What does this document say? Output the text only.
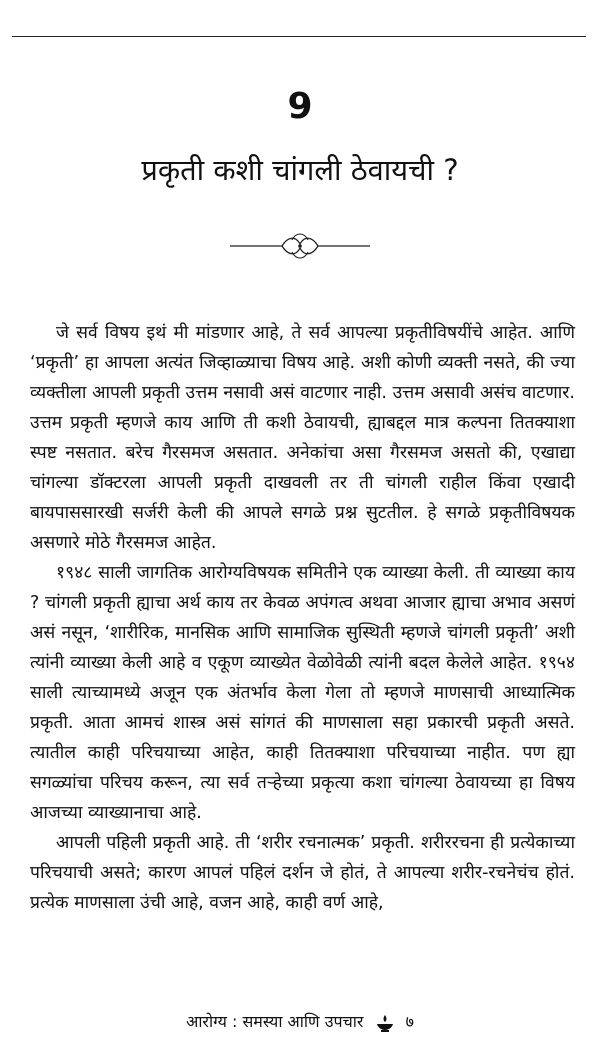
9
प्रकृती कशी चांगली ठेवायची ?

जे सर्व विषय इथं मी मांडणार आहे, ते सर्व आपल्या प्रकृतीविषयींचे आहेत. आणि ‘प्रकृती’ हा आपला अत्यंत जिव्हाळ्याचा विषय आहे. अशी कोणी व्यक्ती नसते, की ज्या व्यक्तीला आपली प्रकृती उत्तम नसावी असं वाटणार नाही. उत्तम असावी असंच वाटणार. उत्तम प्रकृती म्हणजे काय आणि ती कशी ठेवायची, ह्याबद्दल मात्र कल्पना तितक्याशा स्पष्ट नसतात. बरेच गैरसमज असतात. अनेकांचा असा गैरसमज असतो की, एखाद्या चांगल्या डॉक्टरला आपली प्रकृती दाखवली तर ती चांगली राहील किंवा एखादी बायपाससारखी सर्जरी केली की आपले सगळे प्रश्न सुटतील. हे सगळे प्रकृतीविषयक असणारे मोठे गैरसमज आहेत.

१९४८ साली जागतिक आरोग्यविषयक समितीने एक व्याख्या केली. ती व्याख्या काय ? चांगली प्रकृती ह्याचा अर्थ काय तर केवळ अपंगत्व अथवा आजार ह्याचा अभाव असणं असं नसून, ‘शारीरिक, मानसिक आणि सामाजिक सुस्थिती म्हणजे चांगली प्रकृती’ अशी त्यांनी व्याख्या केली आहे व एकूण व्याख्येत वेळोवेळी त्यांनी बदल केलेले आहेत. १९५४ साली त्याच्यामध्ये अजून एक अंतर्भाव केला गेला तो म्हणजे माणसाची आध्यात्मिक प्रकृती. आता आमचं शास्त्र असं सांगतं की माणसाला सहा प्रकारची प्रकृती असते. त्यातील काही परिचयाच्या आहेत, काही तितक्याशा परिचयाच्या नाहीत. पण ह्या सगळ्यांचा परिचय करून, त्या सर्व तऱ्हेच्या प्रकृत्या कशा चांगल्या ठेवायच्या हा विषय आजच्या व्याख्यानाचा आहे.

आपली पहिली प्रकृती आहे. ती ‘शरीर रचनात्मक’ प्रकृती. शरीररचना ही प्रत्येकाच्या परिचयाची असते; कारण आपलं पहिलं दर्शन जे होतं, ते आपल्या शरीर-रचनेचंच होतं. प्रत्येक माणसाला उंची आहे, वजन आहे, काही वर्ण आहे,

आरोग्य : समस्या आणि उपचार	७
